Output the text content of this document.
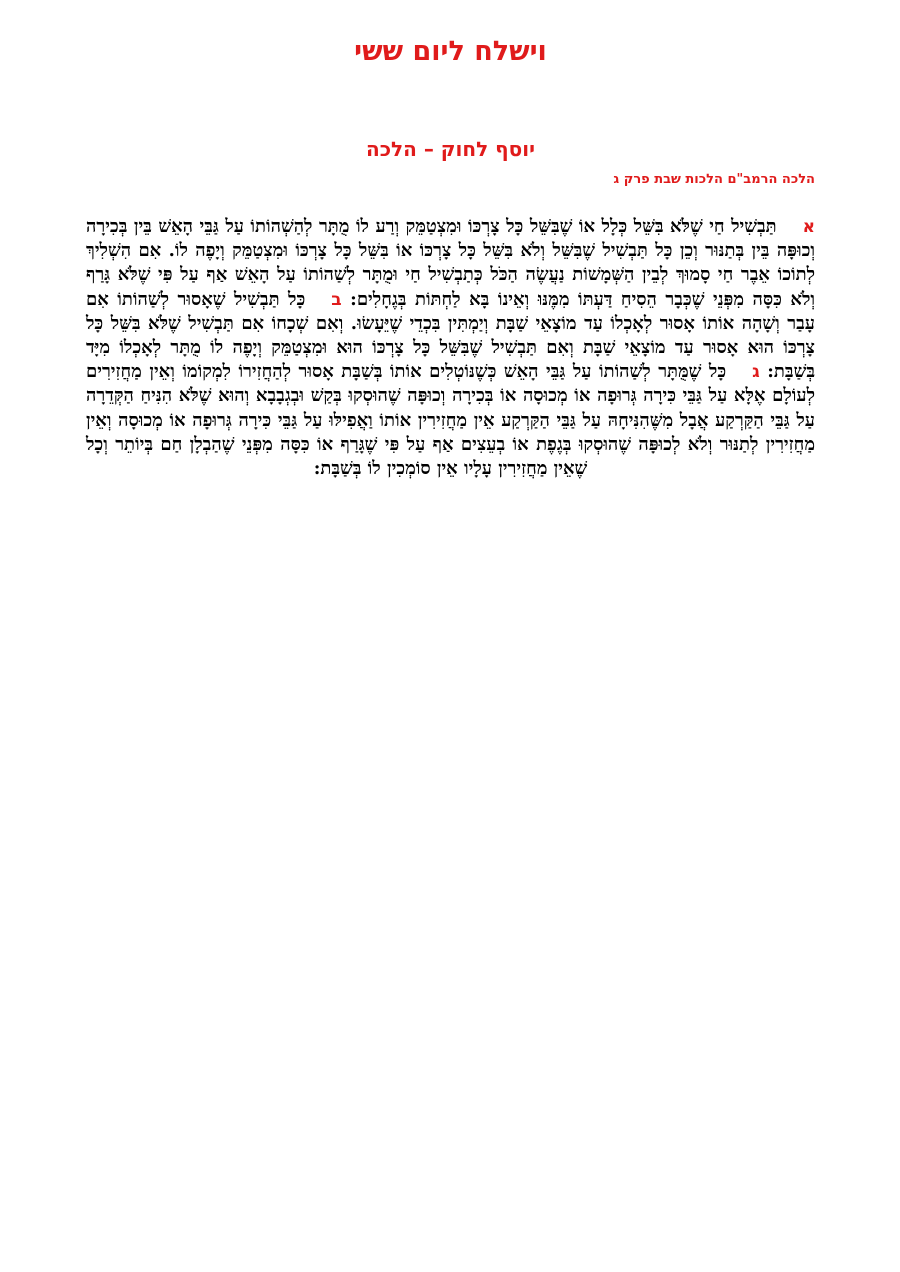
וישלח ליום ששי
יוסף לחוק – הלכה
הלכה הרמב"ם הלכות שבת פרק ג
אתַּבְשִׁיל חַי שֶׁלֹּא בִּשֵּׁל כְּלָל אוֹ שֶׁבִּשֵּׁל כָּל צָרְכּוֹ וּמִצְטַמֵּק וְרַע לוֹ מֻתָּר לְהַשְׁהוֹתוֹ עַל גַּבֵּי הָאֵשׁ בֵּין בְּכִירָה וְכוּפָּה בֵּין בְּתַנּוּר וְכֵן כָּל תַּבְשִׁיל שֶׁבִּשֵּׁל וְלֹא בִּשֵּׁל כָּל צָרְכּוֹ אוֹ בִּשֵּׁל כָּל צָרְכּוֹ וּמִצְטַמֵּק וְיָפֶה לוֹ. אִם הִשְׁלִיךְ לְתוֹכוֹ אֵבֶר חַי סָמוּךְ לְבֵין הַשְּׁמָשׁוֹת נַעֲשֶׂה הַכֹּל כְּתַבְשִׁיל חַי וּמֻתָּר לְשַׁהוֹתוֹ עַל הָאֵשׁ אַף עַל פִּי שֶׁלֹּא גָּרַף וְלֹא כִּסָּה מִפְּנֵי שֶׁכְּבָר הֵסִיחַ דַּעְתּוֹ מִמֶּנּוּ וְאֵינוֹ בָּא לַחְתּוֹת בְּגֶחָלִים: בכָּל תַּבְשִׁיל שֶׁאָסוּר לְשַׁהוֹתוֹ אִם עָבַר וְשָׁהָה אוֹתוֹ אָסוּר לְאָכְלוֹ עַד מוֹצָאֵי שַׁבָּת וְיַמְתִּין בִּכְדֵי שֶׁיֵּעָשׂוּ. וְאִם שְׁכָחוֹ אִם תַּבְשִׁיל שֶׁלֹּא בִּשֵּׁל כָּל צָרְכּוֹ הוּא אָסוּר עַד מוֹצָאֵי שַׁבָּת וְאִם תַּבְשִׁיל שֶׁבִּשֵּׁל כָּל צָרְכּוֹ הוּא וּמִצְטַמֵּק וְיָפֶה לוֹ מֻתָּר לְאָכְלוֹ מִיָּד בְּשַׁבָּת: גכָּל שֶׁמֻּתָּר לְשַׁהוֹתוֹ עַל גַּבֵּי הָאֵשׁ כְּשֶׁנּוֹטְלִים אוֹתוֹ בְּשַׁבָּת אָסוּר לְהַחֲזִירוֹ לִמְקוֹמוֹ וְאֵין מַחֲזִירִים לְעוֹלָם אֶלָּא עַל גַּבֵּי כִּירָה גְּרוּפָה אוֹ מְכוּסָה אוֹ בְּכִירָה וְכוּפָּה שֶׁהוּסְקוּ בְּקַשׁ וּבְגְבָבָא וְהוּא שֶׁלֹּא הִנִּיחַ הַקְּדֵרָה עַל גַּבֵּי הַקַּרְקַע אֲבָל מִשֶּׁהִנִּיחָהּ עַל גַּבֵּי הַקַּרְקַע אֵין מַחֲזִירִין אוֹתוֹ וַאֲפִילּוּ עַל גַּבֵּי כִּירָה גְּרוּפָה אוֹ מְכוּסָה וְאֵין מַחֲזִירִין לְתַנּוּר וְלֹא לְכוּפָּה שֶׁהוּסְקוּ בְּגֶפֶת אוֹ בְעֵצִים אַף עַל פִּי שֶׁגָּרַף אוֹ כִּסָּה מִפְּנֵי שֶׁהַבְלָן חַם בְּיוֹתֵר וְכָל שֶׁאֵין מַחֲזִירִין עָלָיו אֵין סוֹמְכִין לוֹ בְּשַׁבָּת:
